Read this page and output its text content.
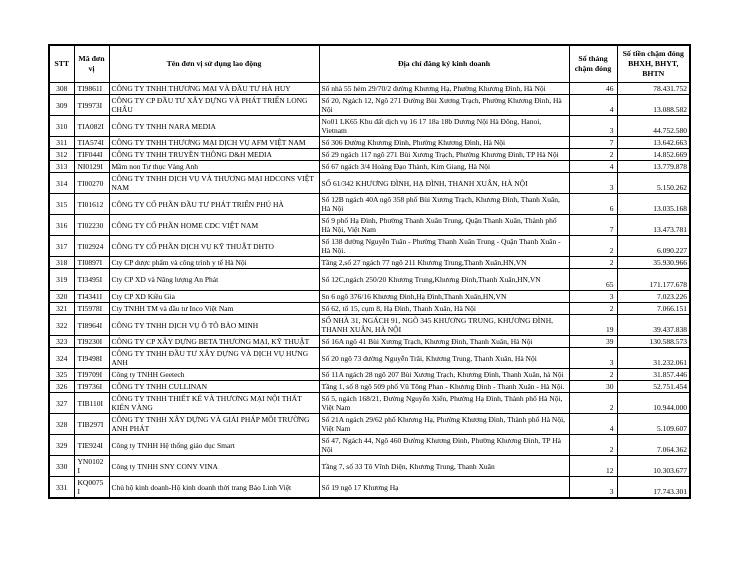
STT	Mã đơn vị	Tên đơn vị sử dụng lao động	Địa chỉ đăng ký kinh doanh	Số tháng chậm đóng	Số tiền chậm đóng BHXH, BHYT, BHTN
308	TI9861I	CÔNG TY TNHH THƯƠNG MẠI VÀ ĐẦU TƯ HÀ HUY	Số nhà 55 hẻm 29/70/2 đường Khương Hạ, Phường Khương Đình, Hà Nội	46	78.431.752
309	TI9973I	CÔNG TY CP ĐẦU TƯ XÂY DỰNG VÀ PHÁT TRIỂN LONG CHÂU	Số 20, Ngách 12, Ngõ 271 Đường Bùi Xương Trạch, Phường Khương Đình, Hà Nội	4	13.088.582
310	TIA082I	CÔNG TY TNHH NARA MEDIA	No01 LK65 Khu đất dịch vụ 16 17 18a 18b Dương Nội Hà Đông, Hanoi, Vietnam	3	44.752.580
311	TIA574I	CÔNG TY TNHH THƯƠNG MẠI DỊCH VỤ AFM VIỆT NAM	Số 306 Đường Khương Đình, Phường Khương Đình, Hà Nội	7	13.642.663
312	TIF044I	CÔNG TY TNHH TRUYỀN THÔNG D&H MEDIA	Số 29 ngách 117 ngõ 271 Bùi Xương Trạch, Phường Khương Đình, TP Hà Nội	2	14.852.669
313	NI0129I	Mầm non Tư thục Vàng Anh	Số 67 ngách 3/4 Hoàng Đạo Thành, Kim Giang, Hà Nội	4	13.779.878
314	TI00270	CÔNG TY TNHH DỊCH VỤ VÀ THƯƠNG MẠI HDCONS VIỆT NAM	SỐ 61/342 KHƯƠNG ĐÌNH, HẠ ĐÌNH, THANH XUÂN, HÀ NỘI	3	5.150.262
315	TI01612	CÔNG TY CỔ PHẦN ĐẦU TƯ PHÁT TRIỂN PHÚ HÀ	Số 12B ngách 40A ngõ 358 phố Bùi Xương Trạch, Khương Đình, Thanh Xuân, Hà Nội	6	13.035.168
316	TI02230	CÔNG TY CỔ PHẦN HOME CDC VIỆT NAM	Số 9 phố Hạ Đình, Phường Thanh Xuân Trung, Quận Thanh Xuân, Thành phố Hà Nội, Việt Nam	7	13.473.781
317	TI02924	CÔNG TY CỔ PHẦN DỊCH VỤ KỸ THUẬT DHTO	Số 138 đường Nguyễn Tuân - Phường Thanh Xuân Trung - Quận Thanh Xuân - Hà Nội.	2	6.090.227
318	TI0897I	Cty CP dược phẩm và công trình y tế Hà Nội	Tầng 2,số 27 ngách 77 ngõ 211 Khương Trung,Thanh Xuân,HN,VN	2	35.930.966
319	TI3495I	Cty CP XD và Năng lượng An Phát	Số 12C,ngách 250/20 Khương Trung,Khương Đình,Thanh Xuân,HN,VN	65	171.177.678
320	TI4341I	Cty CP XD Kiều Gia	Sn 6 ngõ 376/16 Khương Đình,Hạ Đình,Thanh Xuân,HN,VN	3	7.023.226
321	TI5978I	Cty TNHH TM và đầu tư Inco Việt Nam	Số 62, tổ 15, cụm 8, Hạ Đình, Thanh Xuân, Hà Nội	2	7.066.151
322	TI8964I	CÔNG TY TNHH DỊCH VỤ Ô TÔ BẢO MINH	SỐ NHÀ 31, NGÁCH 91, NGÕ 345 KHƯƠNG TRUNG, KHƯƠNG ĐÌNH, THANH XUÂN, HÀ NỘI	19	39.437.838
323	TI9230I	CÔNG TY CP XÂY DỰNG BETA THƯƠNG MẠI, KỸ THUẬT	Số 16A ngõ 41 Bùi Xương Trạch, Khương Đình, Thanh Xuân, Hà Nội	39	130.588.573
324	TI9498I	CÔNG TY TNHH ĐẦU TƯ XÂY DỰNG VÀ DỊCH VỤ HƯNG ANH	Số 20 ngõ 73 đường Nguyễn Trãi, Khương Trung, Thanh Xuân, Hà Nội	3	31.232.061
325	TI9709I	Công ty TNHH Geetech	Số 11A ngách 28 ngõ 207 Bùi Xương Trạch, Khương Đình, Thanh Xuân, hà Nội	2	31.857.446
326	TI9736I	CÔNG TY TNHH CULLINAN	Tầng 1, số 8 ngõ 509 phố Vũ Tông Phan - Khương Đình - Thanh Xuân - Hà Nội.	30	52.751.454
327	TIB110I	CÔNG TY TNHH THIẾT KẾ VÀ THƯƠNG MẠI NỘI THẤT KIẾN VÀNG	Số 5, ngách 168/21, Đường Nguyễn Xiển, Phường Hạ Đình, Thành phố Hà Nội, Việt Nam	2	10.944.000
328	TIB297I	CÔNG TY TNHH XÂY DỰNG VÀ GIẢI PHÁP MÔI TRƯỜNG ANH PHÁT	Số 21A ngách 29/62 phố Khương Hạ, Phường Khương Đình, Thành phố Hà Nội, Việt Nam	4	5.109.607
329	TIE924I	Công ty TNHH Hệ thống giáo dục Smart	Số 47, Ngách 44, Ngõ 460 Đường Khương Đình, Phường Khương Đình, TP Hà Nội	2	7.064.362
330	YN0102I	Công ty TNHH SNY CONY VINA	Tầng 7, số 33 Tô Vĩnh Diện, Khương Trung, Thanh Xuân	12	10.303.677
331	KQ0075I	Chủ hộ kinh doanh-Hộ kinh doanh thời trang Bảo Linh Việt	Số 19 ngõ 17 Khương Hạ	3	17.743.301
